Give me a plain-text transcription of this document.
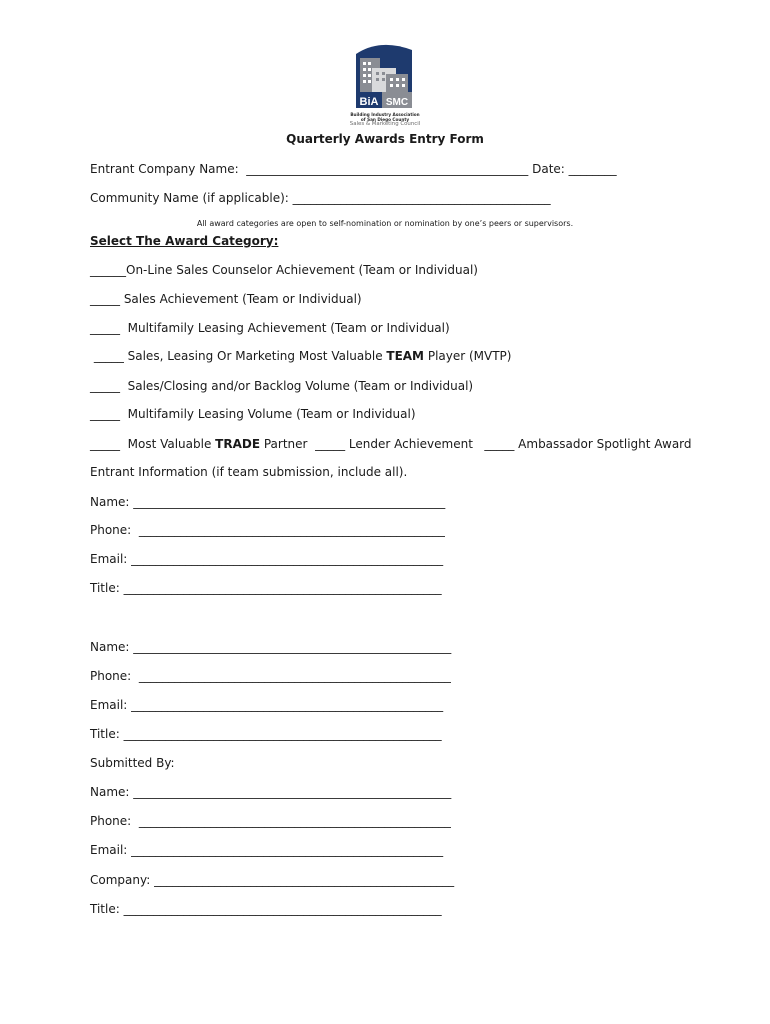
BiA SMC
Building Industry Association
of San Diego County
Sales & Marketing Council
Quarterly Awards Entry Form
Entrant Company Name:  _______________________________________________ Date: ________
Community Name (if applicable): ___________________________________________
All award categories are open to self-nomination or nomination by one’s peers or supervisors.
Select The Award Category:
______On-Line Sales Counselor Achievement (Team or Individual)
_____ Sales Achievement (Team or Individual)
_____  Multifamily Leasing Achievement (Team or Individual)
_____ Sales, Leasing Or Marketing Most Valuable TEAM Player (MVTP)
_____  Sales/Closing and/or Backlog Volume (Team or Individual)
_____  Multifamily Leasing Volume (Team or Individual)
_____  Most Valuable TRADE Partner  _____ Lender Achievement   _____ Ambassador Spotlight Award
Entrant Information (if team submission, include all).
Name: ____________________________________________________
Phone:  ___________________________________________________
Email: ____________________________________________________
Title: _____________________________________________________
Name: _____________________________________________________
Phone:  ____________________________________________________
Email: ____________________________________________________
Title: _____________________________________________________
Submitted By:
Name: _____________________________________________________
Phone:  ____________________________________________________
Email: ____________________________________________________
Company: __________________________________________________
Title: _____________________________________________________
